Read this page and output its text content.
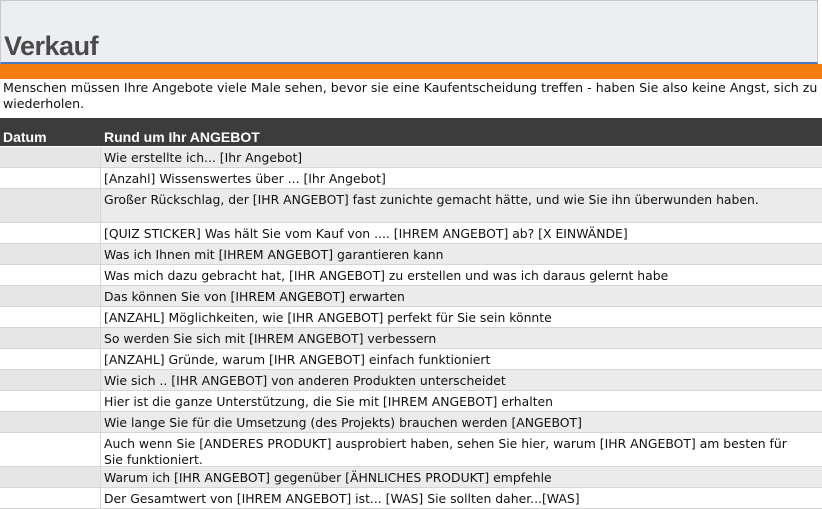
Verkauf
Menschen müssen Ihre Angebote viele Male sehen, bevor sie eine Kaufentscheidung treffen - haben Sie also keine Angst, sich zu wiederholen.
Datum	Rund um Ihr ANGEBOT
Wie erstellte ich... [Ihr Angebot]
[Anzahl] Wissenswertes über ... [Ihr Angebot]
Großer Rückschlag, der [IHR ANGEBOT] fast zunichte gemacht hätte, und wie Sie ihn überwunden haben.
[QUIZ STICKER] Was hält Sie vom Kauf von .... [IHREM ANGEBOT] ab? [X EINWÄNDE]
Was ich Ihnen mit [IHREM ANGEBOT] garantieren kann
Was mich dazu gebracht hat, [IHR ANGEBOT] zu erstellen und was ich daraus gelernt habe
Das können Sie von [IHREM ANGEBOT] erwarten
[ANZAHL] Möglichkeiten, wie [IHR ANGEBOT] perfekt für Sie sein könnte
So werden Sie sich mit [IHREM ANGEBOT] verbessern
[ANZAHL] Gründe, warum [IHR ANGEBOT] einfach funktioniert
Wie sich .. [IHR ANGEBOT] von anderen Produkten unterscheidet
Hier ist die ganze Unterstützung, die Sie mit [IHREM ANGEBOT] erhalten
Wie lange Sie für die Umsetzung (des Projekts) brauchen werden [ANGEBOT]
Auch wenn Sie [ANDERES PRODUKT] ausprobiert haben, sehen Sie hier, warum [IHR ANGEBOT] am besten für Sie funktioniert.
Warum ich [IHR ANGEBOT] gegenüber [ÄHNLICHES PRODUKT] empfehle
Der Gesamtwert von [IHREM ANGEBOT] ist... [WAS] Sie sollten daher...[WAS]
